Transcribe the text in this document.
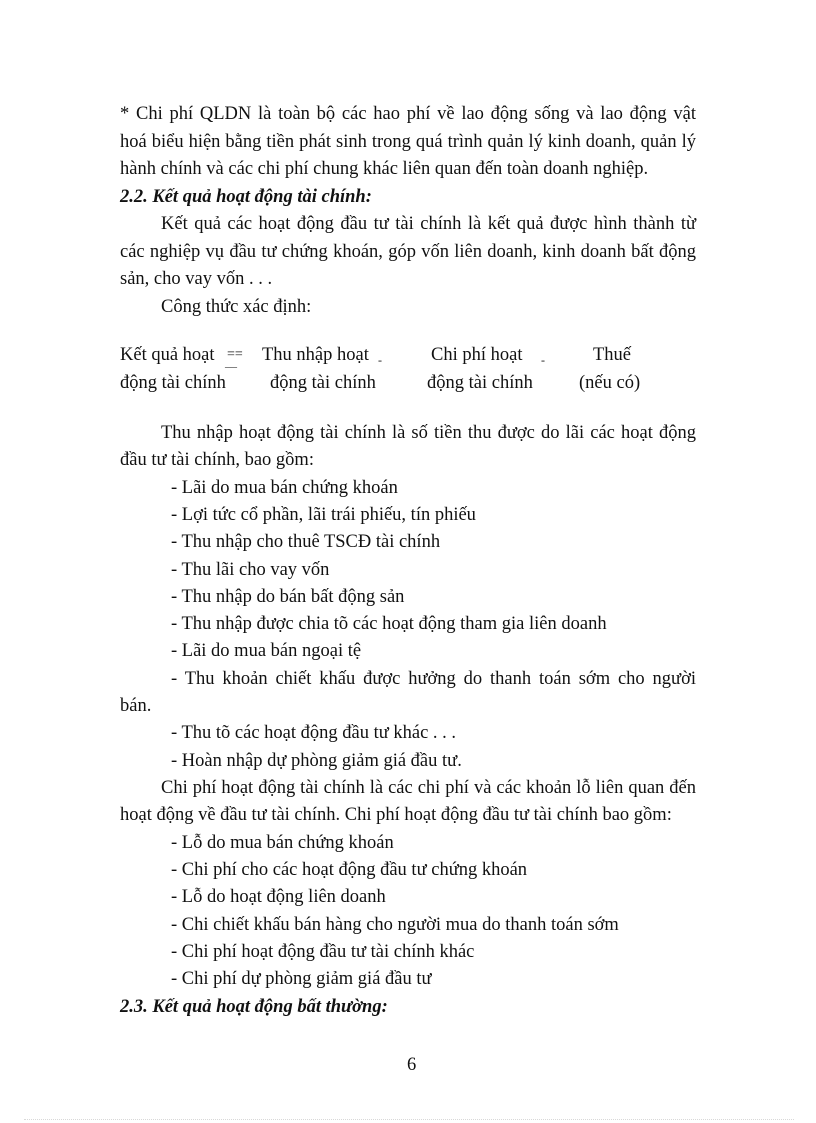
* Chi phí QLDN là toàn bộ các hao phí về lao động sống và lao động vật
hoá biểu hiện bằng tiền phát sinh trong quá trình quản lý kinh doanh, quản lý
hành chính và các chi phí chung khác liên quan đến toàn doanh nghiệp.
2.2. Kết quả hoạt động tài chính:
Kết quả các hoạt động đầu tư tài chính là kết quả được hình thành từ
các nghiệp vụ đầu tư chứng khoán, góp vốn liên doanh, kinh doanh bất động
sản, cho vay vốn . . .
Công thức xác định:
Kết quả hoạt
động tài chính
==
¯¯
Thu nhập hoạt
động tài chính
-	Chi phí hoạt
động tài chính
-	Thuế
(nếu có)
Thu nhập hoạt động tài chính là số tiền thu được do lãi các hoạt động
đầu tư tài chính, bao gồm:
- Lãi do mua bán chứng khoán
- Lợi tức cổ phần, lãi trái phiếu, tín phiếu
- Thu nhập cho thuê TSCĐ tài chính
- Thu lãi cho vay vốn
- Thu nhập do bán bất động sản
- Thu nhập được chia tõ các hoạt động tham gia liên doanh
- Lãi do mua bán ngoại tệ
- Thu khoản chiết khấu được hưởng do thanh toán sớm cho người
bán.
- Thu tõ các hoạt động đầu tư khác . . .
- Hoàn nhập dự phòng giảm giá đầu tư.
Chi phí hoạt động tài chính là các chi phí và các khoản lỗ liên quan đến
hoạt động về đầu tư tài chính. Chi phí hoạt động đầu tư tài chính bao gồm:
- Lỗ do mua bán chứng khoán
- Chi phí cho các hoạt động đầu tư chứng khoán
- Lỗ do hoạt động liên doanh
- Chi chiết khấu bán hàng cho người mua do thanh toán sớm
- Chi phí hoạt động đầu tư tài chính khác
- Chi phí dự phòng giảm giá đầu tư
2.3. Kết quả hoạt động bất thường:
6
